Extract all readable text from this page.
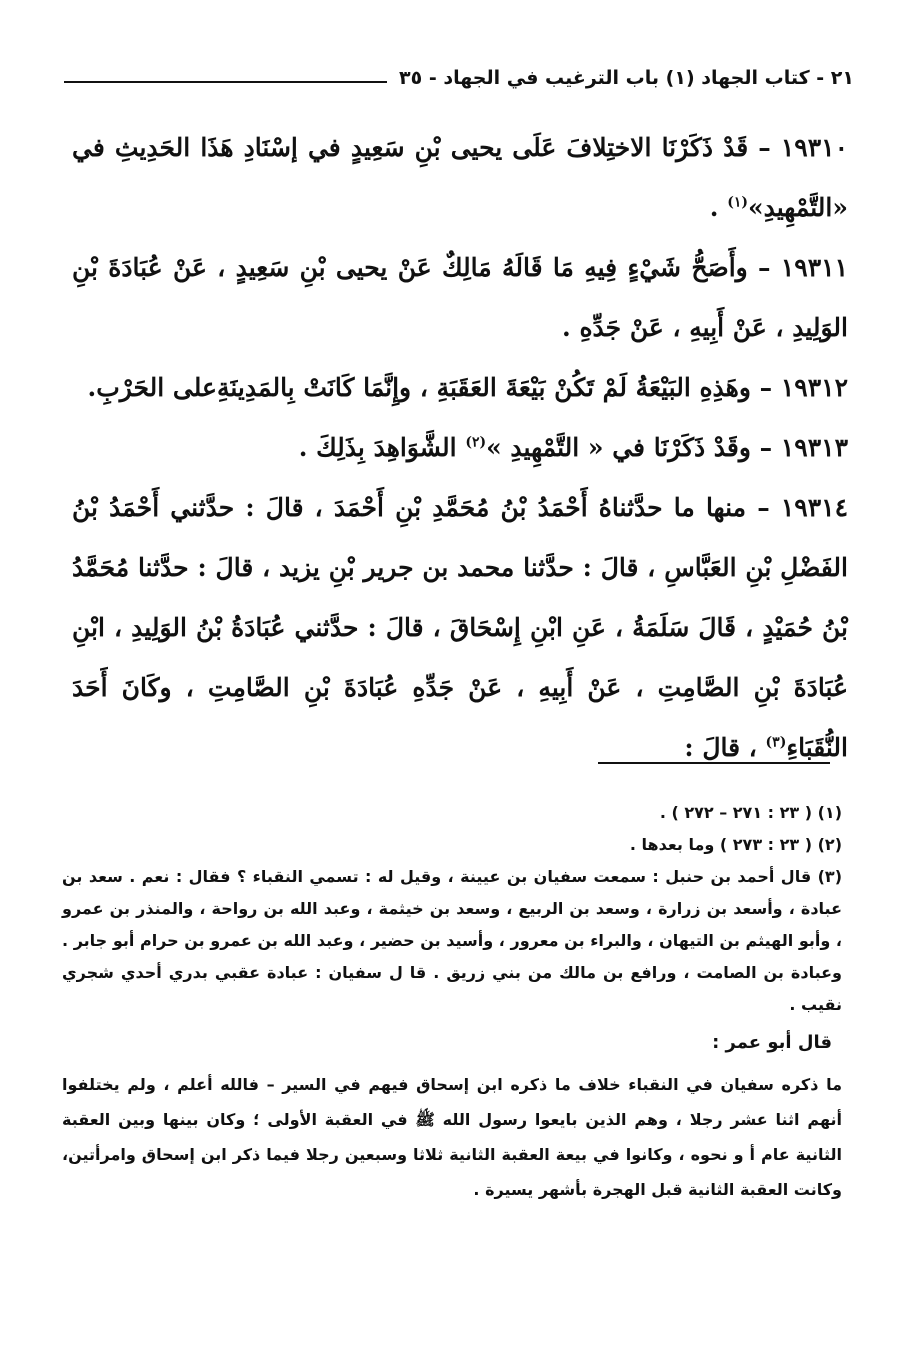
٢١ - كتاب الجهاد (١) باب الترغيب في الجهاد - ٣٥

١٩٣١٠ – قَدْ ذَكَرْنَا الاختِلافَ عَلَى يحيى بْنِ سَعِيدٍ في إسْنَادِ هَذَا الحَدِيثِ في «التَّمْهِيدِ»$^{(١)}$ .

١٩٣١١ – وأَصَحُّ شَيْءٍ فِيهِ مَا قَالَهُ مَالِكٌ عَنْ يحيى بْنِ سَعِيدٍ ، عَنْ عُبَادَةَ بْنِ الوَلِيدِ ، عَنْ أَبِيهِ ، عَنْ جَدِّهِ .

١٩٣١٢ – وهَذِهِ البَيْعَةُ لَمْ تَكُنْ بَيْعَةَ العَقَبَةِ ، وإِنَّمَا كَانَتْ بِالمَدِينَةِعلى الحَرْبِ.

١٩٣١٣ – وقَدْ ذَكَرْنَا في « التَّمْهِيدِ »$^{(٢)}$ الشَّوَاهِدَ بِذَلِكَ .

١٩٣١٤ – منها ما حدَّثناهُ أَحْمَدُ بْنُ مُحَمَّدِ بْنِ أَحْمَدَ ، قالَ : حدَّثني أَحْمَدُ بْنُ الفَضْلِ بْنِ العَبَّاسِ ، قالَ : حدَّثنا محمد بن جرير بْنِ يزيد ، قالَ : حدَّثنا مُحَمَّدُ بْنُ حُمَيْدٍ ، قَالَ سَلَمَةُ ، عَنِ ابْنِ إِسْحَاقَ ، قالَ : حدَّثني عُبَادَةُ بْنُ الوَلِيدِ ، ابْنِ عُبَادَةَ بْنِ الصَّامِتِ ، عَنْ أَبِيهِ ، عَنْ جَدِّهِ عُبَادَةَ بْنِ الصَّامِتِ ، وكَانَ أَحَدَ النُّقَبَاءِ$^{(٣)}$ ، قالَ :

(١) ( ٢٣ : ٢٧١ – ٢٧٢ ) .

(٢) ( ٢٣ : ٢٧٣ ) وما بعدها .

(٣) قال أحمد بن حنبل : سمعت سفيان بن عيينة ، وقيل له : تسمي النقباء ؟ فقال : نعم . سعد بن عبادة ، وأسعد بن زرارة ، وسعد بن الربيع ، وسعد بن خيثمة ، وعبد الله بن رواحة ، والمنذر بن عمرو ، وأبو الهيثم بن التيهان ، والبراء بن معرور ، وأسيد بن حضير ، وعبد الله بن عمرو بن حرام أبو جابر . وعبادة بن الصامت ، ورافع بن مالك من بني زريق . قا ل سفيان : عبادة عقبي بدري أحدي شجري نقيب .

قال أبو عمر :

ما ذكره سفيان في النقباء خلاف ما ذكره ابن إسحاق فيهم في السير – فالله أعلم ، ولم يختلفوا أنهم اثنا عشر رجلا ، وهم الذين بايعوا رسول الله ﷺ في العقبة الأولى ؛ وكان بينها وبين العقبة الثانية عام أ و نحوه ، وكانوا في بيعة العقبة الثانية ثلاثا وسبعين رجلا فيما ذكر ابن إسحاق وامرأتين، وكانت العقبة الثانية قبل الهجرة بأشهر يسيرة .
